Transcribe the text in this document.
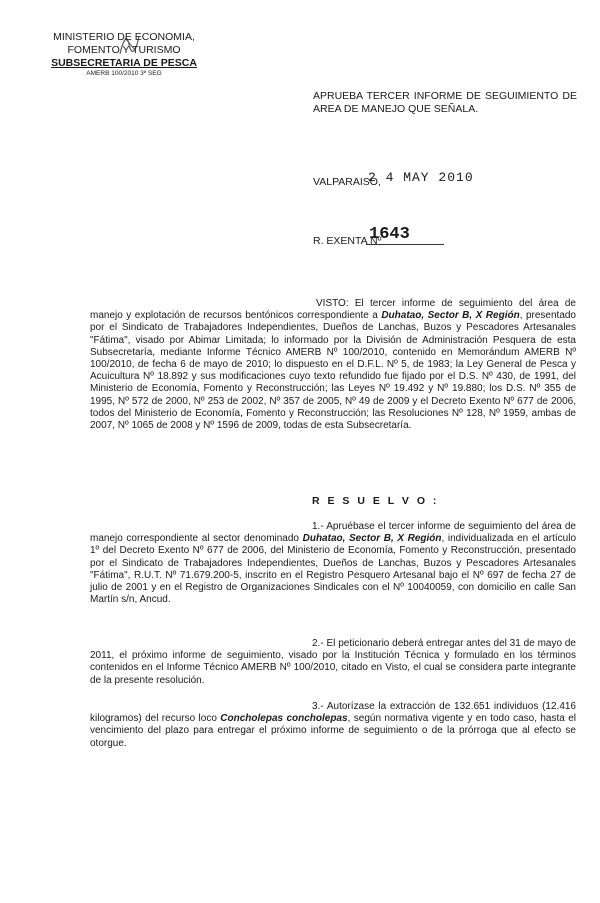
MINISTERIO DE ECONOMIA,
FOMENTO Y TURISMO
SUBSECRETARIA DE PESCA
AMERB 100/2010 3ª SEG
APRUEBA TERCER INFORME DE SEGUIMIENTO DE AREA DE MANEJO QUE SEÑALA.
VALPARAISO,
2 4 MAY 2010
R. EXENTA Nº
1643
VISTO: El tercer informe de seguimiento del área de manejo y explotación de recursos bentónicos correspondiente a Duhatao, Sector B, X Región, presentado por el Sindicato de Trabajadores Independientes, Dueños de Lanchas, Buzos y Pescadores Artesanales "Fátima", visado por Abimar Limitada; lo informado por la División de Administración Pesquera de esta Subsecretaría, mediante Informe Técnico AMERB Nº 100/2010, contenido en Memorándum AMERB Nº 100/2010, de fecha 6 de mayo de 2010; lo dispuesto en el D.F.L. Nº 5, de 1983; la Ley General de Pesca y Acuicultura Nº 18.892 y sus modificaciones cuyo texto refundido fue fijado por el D.S. Nº 430, de 1991, del Ministerio de Economía, Fomento y Reconstrucción; las Leyes Nº 19.492 y Nº 19.880; los D.S. Nº 355 de 1995, Nº 572 de 2000, Nº 253 de 2002, Nº 357 de 2005, Nº 49 de 2009 y el Decreto Exento Nº 677 de 2006, todos del Ministerio de Economía, Fomento y Reconstrucción; las Resoluciones Nº 128, Nº 1959, ambas de 2007, Nº 1065 de 2008 y Nº 1596 de 2009, todas de esta Subsecretaría.
R E S U E L V O :
1.- Apruébase el tercer informe de seguimiento del área de manejo correspondiente al sector denominado Duhatao, Sector B, X Región, individualizada en el artículo 1º del Decreto Exento Nº 677 de 2006, del Ministerio de Economía, Fomento y Reconstrucción, presentado por el Sindicato de Trabajadores Independientes, Dueños de Lanchas, Buzos y Pescadores Artesanales "Fátima", R.U.T. Nº 71.679.200-5, inscrito en el Registro Pesquero Artesanal bajo el Nº 697 de fecha 27 de julio de 2001 y en el Registro de Organizaciones Sindicales con el Nº 10040059, con domicilio en calle San Martín s/n, Ancud.
2.- El peticionario deberá entregar antes del 31 de mayo de 2011, el próximo informe de seguimiento, visado por la Institución Técnica y formulado en los términos contenidos en el Informe Técnico AMERB Nº 100/2010, citado en Visto, el cual se considera parte integrante de la presente resolución.
3.- Autorízase la extracción de 132.651 individuos (12.416 kilogramos) del recurso loco Concholepas concholepas, según normativa vigente y en todo caso, hasta el vencimiento del plazo para entregar el próximo informe de seguimiento o de la prórroga que al efecto se otorgue.
